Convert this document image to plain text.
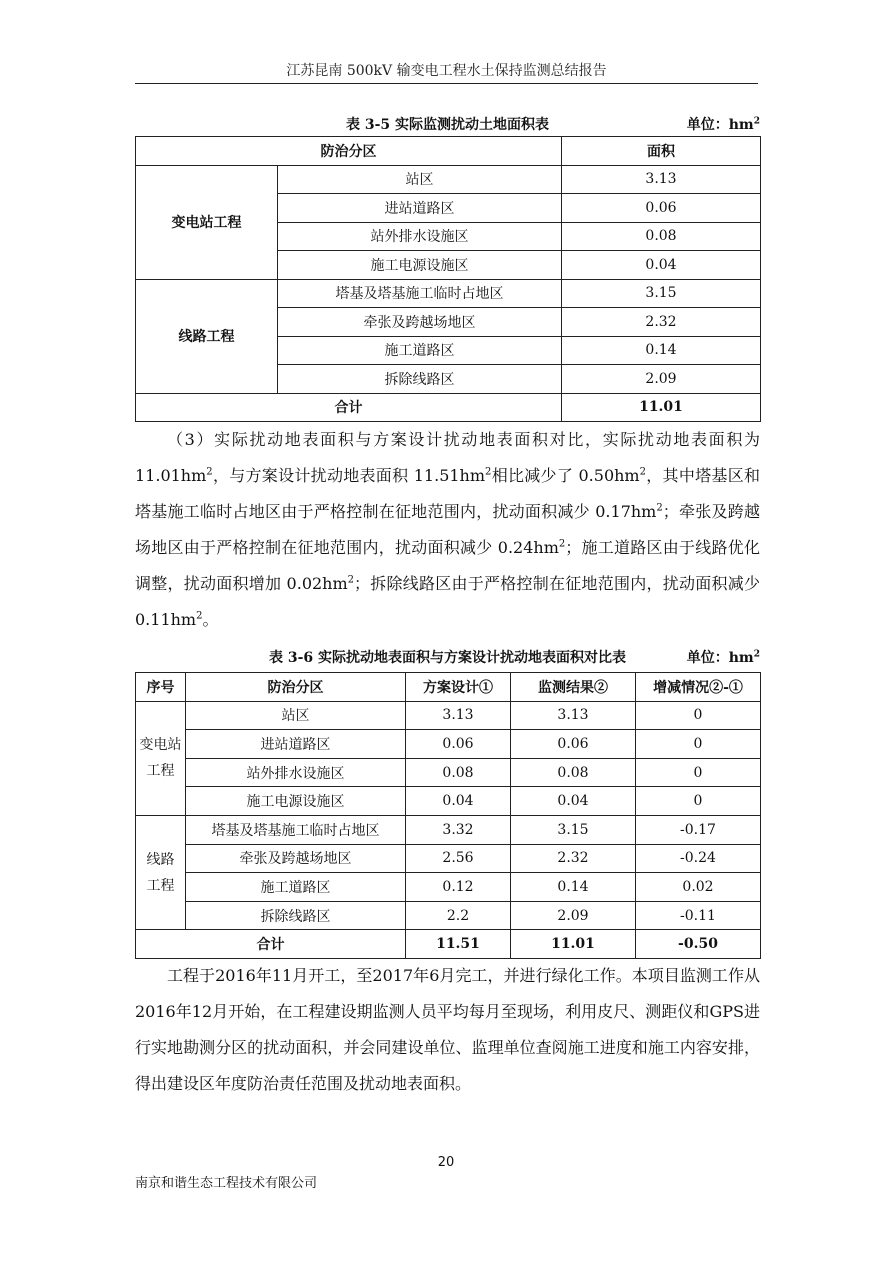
江苏昆南 500kV 输变电工程水土保持监测总结报告
表 3-5 实际监测扰动土地面积表	单位：$hm^2$
防治分区		面积
变电站工程	站区	3.13
	进站道路区	0.06
	站外排水设施区	0.08
	施工电源设施区	0.04
线路工程	塔基及塔基施工临时占地区	3.15
	牵张及跨越场地区	2.32
	施工道路区	0.14
	拆除线路区	2.09
合计		11.01

（3）实际扰动地表面积与方案设计扰动地表面积对比，实际扰动地表面积为 $11.01hm^2$，与方案设计扰动地表面积 $11.51hm^2$相比减少了 $0.50hm^2$，其中塔基区和塔基施工临时占地区由于严格控制在征地范围内，扰动面积减少 $0.17hm^2$；牵张及跨越场地区由于严格控制在征地范围内，扰动面积减少 $0.24hm^2$；施工道路区由于线路优化调整，扰动面积增加 $0.02hm^2$；拆除线路区由于严格控制在征地范围内，扰动面积减少 $0.11hm^2$。

表 3-6 实际扰动地表面积与方案设计扰动地表面积对比表	单位：$hm^2$
序号	防治分区	方案设计①	监测结果②	增减情况②-①
变电站
工程	站区	3.13	3.13	0
	进站道路区	0.06	0.06	0
	站外排水设施区	0.08	0.08	0
	施工电源设施区	0.04	0.04	0
线路
工程	塔基及塔基施工临时占地区	3.32	3.15	-0.17
	牵张及跨越场地区	2.56	2.32	-0.24
	施工道路区	0.12	0.14	0.02
	拆除线路区	2.2	2.09	-0.11
合计		11.51	11.01	-0.50

工程于2016年11月开工，至2017年6月完工，并进行绿化工作。本项目监测工作从2016年12月开始，在工程建设期监测人员平均每月至现场，利用皮尺、测距仪和GPS进行实地勘测分区的扰动面积，并会同建设单位、监理单位查阅施工进度和施工内容安排，得出建设区年度防治责任范围及扰动地表面积。

20
南京和谐生态工程技术有限公司
